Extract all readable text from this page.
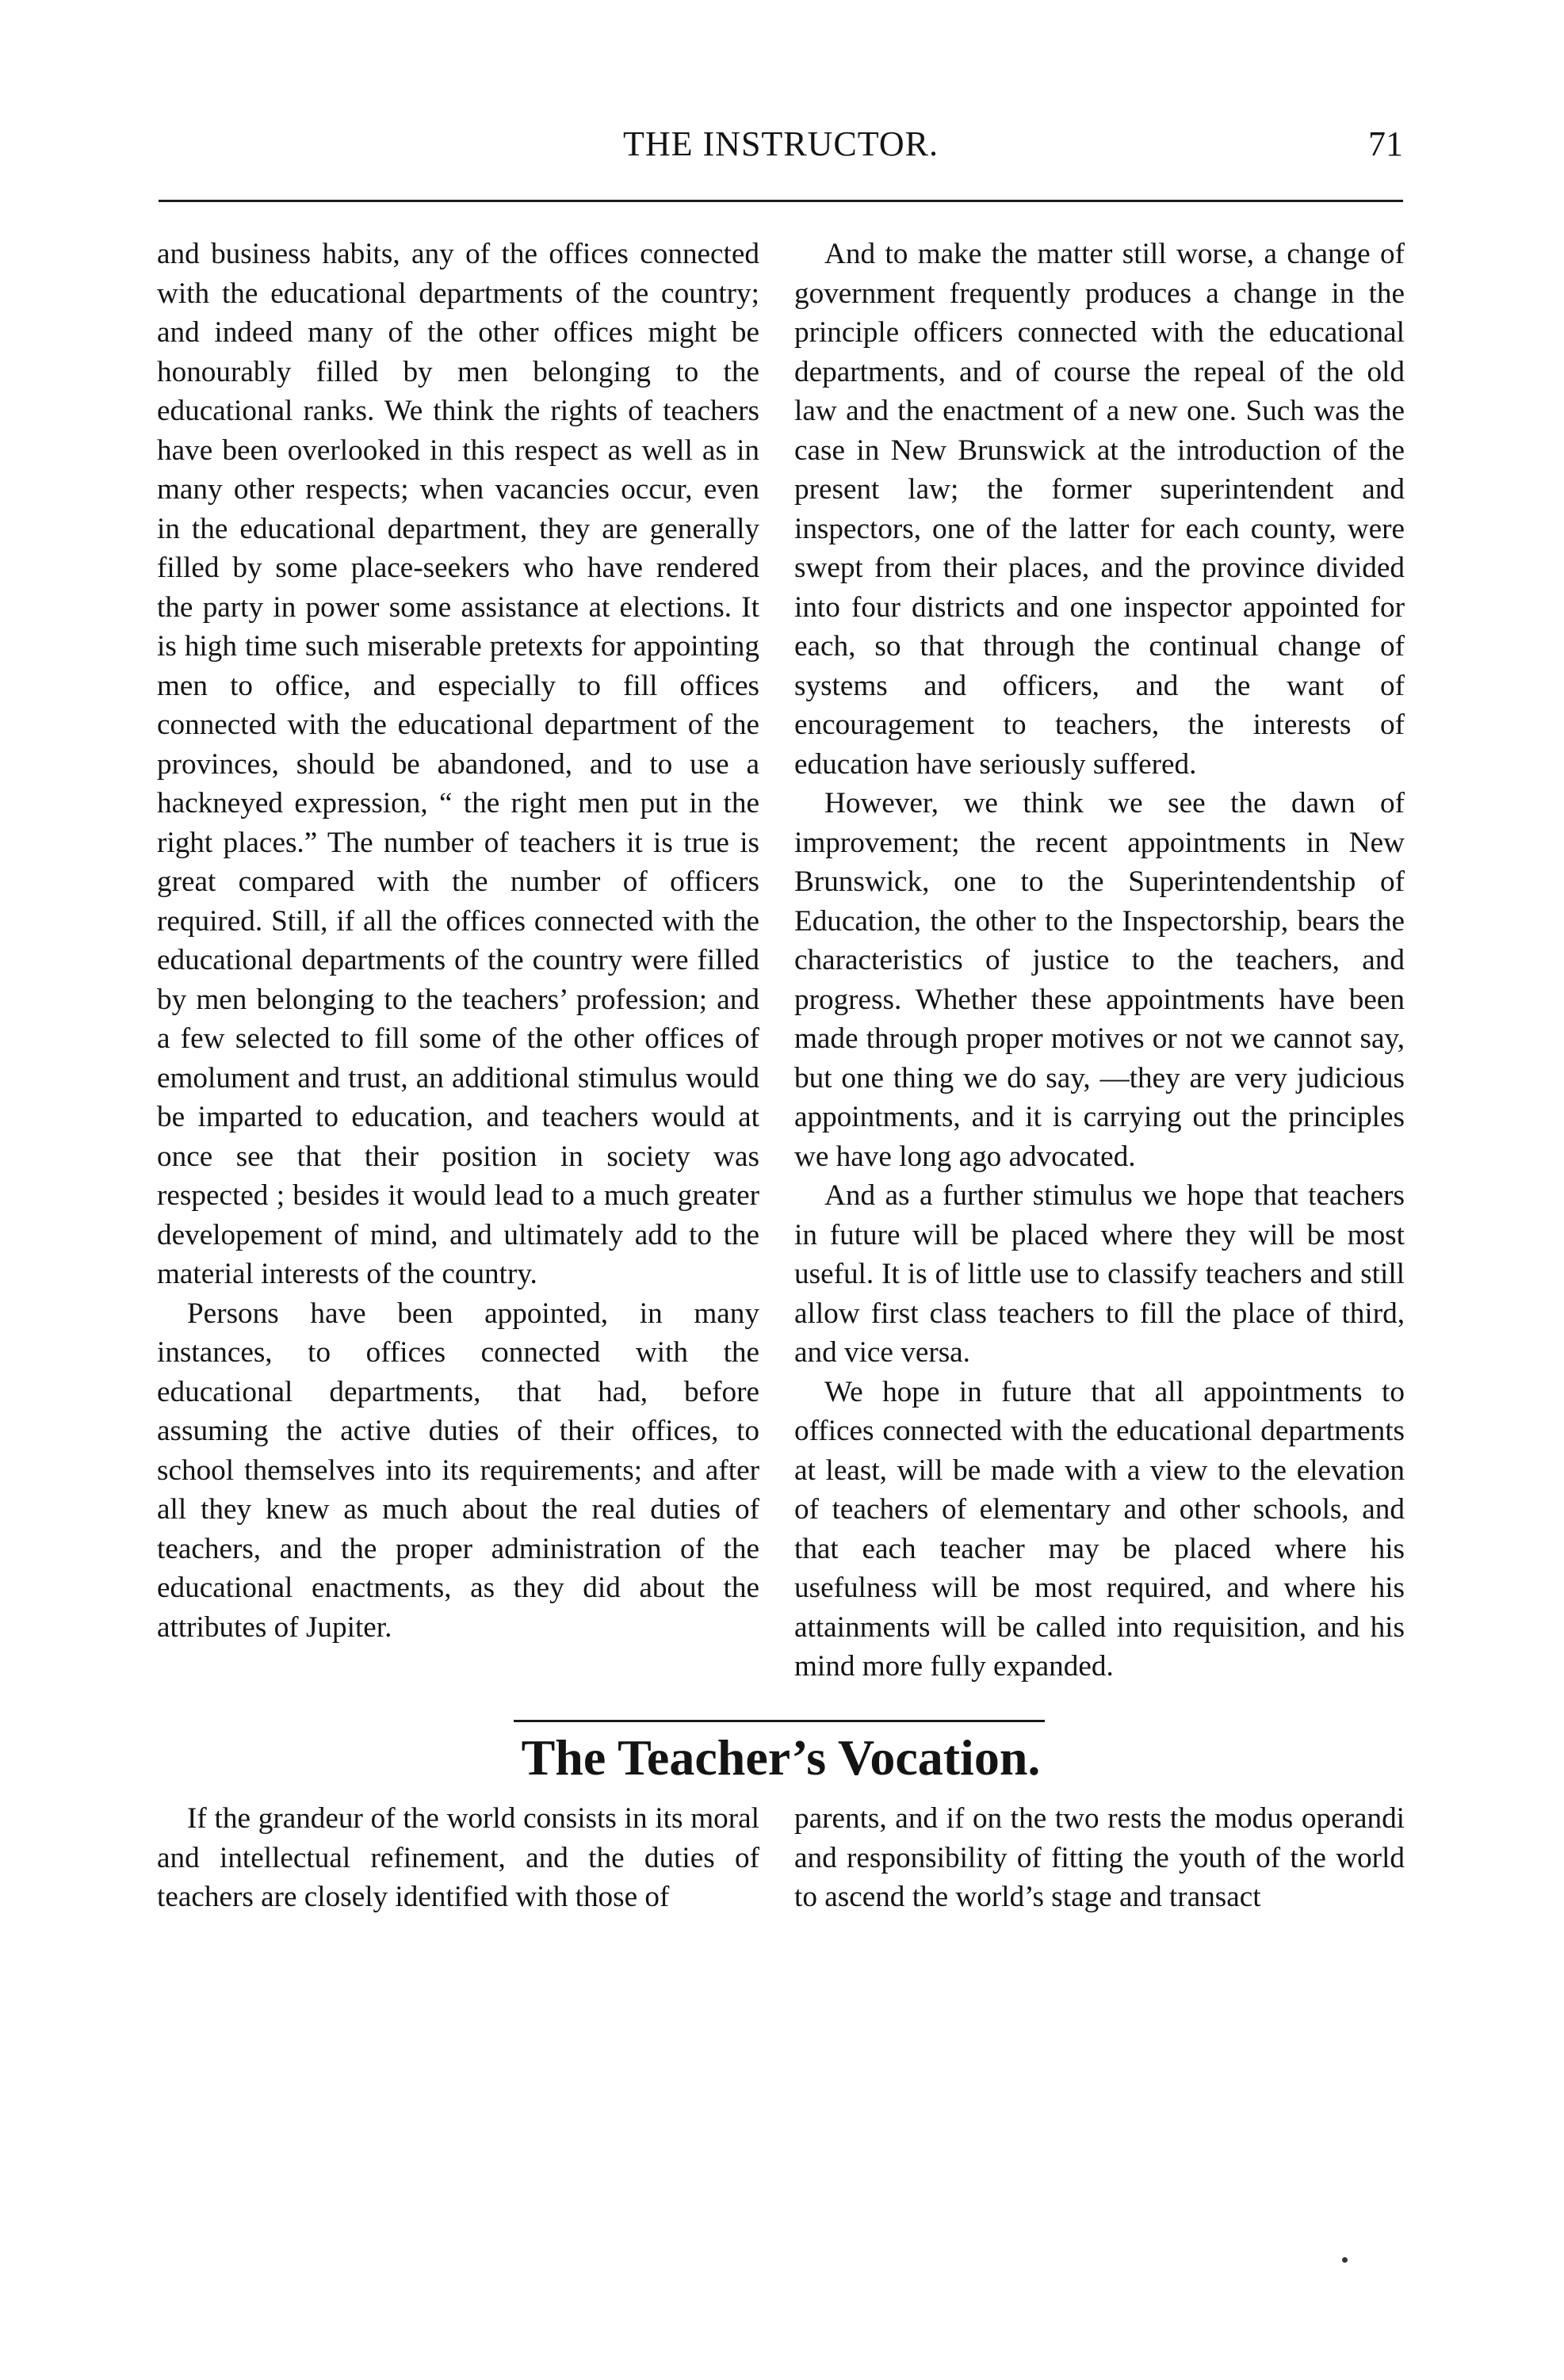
THE INSTRUCTOR.	71

and business habits, any of the offices connected with the educational departments of the country; and indeed many of the other offices might be honourably filled by men belonging to the educational ranks. We think the rights of teachers have been overlooked in this respect as well as in many other respects; when vacancies occur, even in the educational department, they are generally filled by some place-seekers who have rendered the party in power some assistance at elections. It is high time such miserable pretexts for appointing men to office, and especially to fill offices connected with the educational department of the provinces, should be abandoned, and to use a hackneyed expression, “ the right men put in the right places.” The number of teachers it is true is great compared with the number of officers required. Still, if all the offices connected with the educational departments of the country were filled by men belonging to the teachers’ profession; and a few selected to fill some of the other offices of emolument and trust, an additional stimulus would be imparted to education, and teachers would at once see that their position in society was respected ; besides it would lead to a much greater developement of mind, and ultimately add to the material interests of the country.

Persons have been appointed, in many instances, to offices connected with the educational departments, that had, before assuming the active duties of their offices, to school themselves into its requirements; and after all they knew as much about the real duties of teachers, and the proper administration of the educational enactments, as they did about the attributes of Jupiter.

And to make the matter still worse, a change of government frequently produces a change in the principle officers connected with the educational departments, and of course the repeal of the old law and the enactment of a new one. Such was the case in New Brunswick at the introduction of the present law; the former superintendent and inspectors, one of the latter for each county, were swept from their places, and the province divided into four districts and one inspector appointed for each, so that through the continual change of systems and officers, and the want of encouragement to teachers, the interests of education have seriously suffered.

However, we think we see the dawn of improvement; the recent appointments in New Brunswick, one to the Superintendentship of Education, the other to the Inspectorship, bears the characteristics of justice to the teachers, and progress. Whether these appointments have been made through proper motives or not we cannot say, but one thing we do say, —they are very judicious appointments, and it is carrying out the principles we have long ago advocated.

And as a further stimulus we hope that teachers in future will be placed where they will be most useful. It is of little use to classify teachers and still allow first class teachers to fill the place of third, and vice versa.

We hope in future that all appointments to offices connected with the educational departments at least, will be made with a view to the elevation of teachers of elementary and other schools, and that each teacher may be placed where his usefulness will be most required, and where his attainments will be called into requisition, and his mind more fully expanded.

The Teacher’s Vocation.

If the grandeur of the world consists in its moral and intellectual refinement, and the duties of teachers are closely identified with those of

parents, and if on the two rests the modus operandi and responsibility of fitting the youth of the world to ascend the world’s stage and transact
